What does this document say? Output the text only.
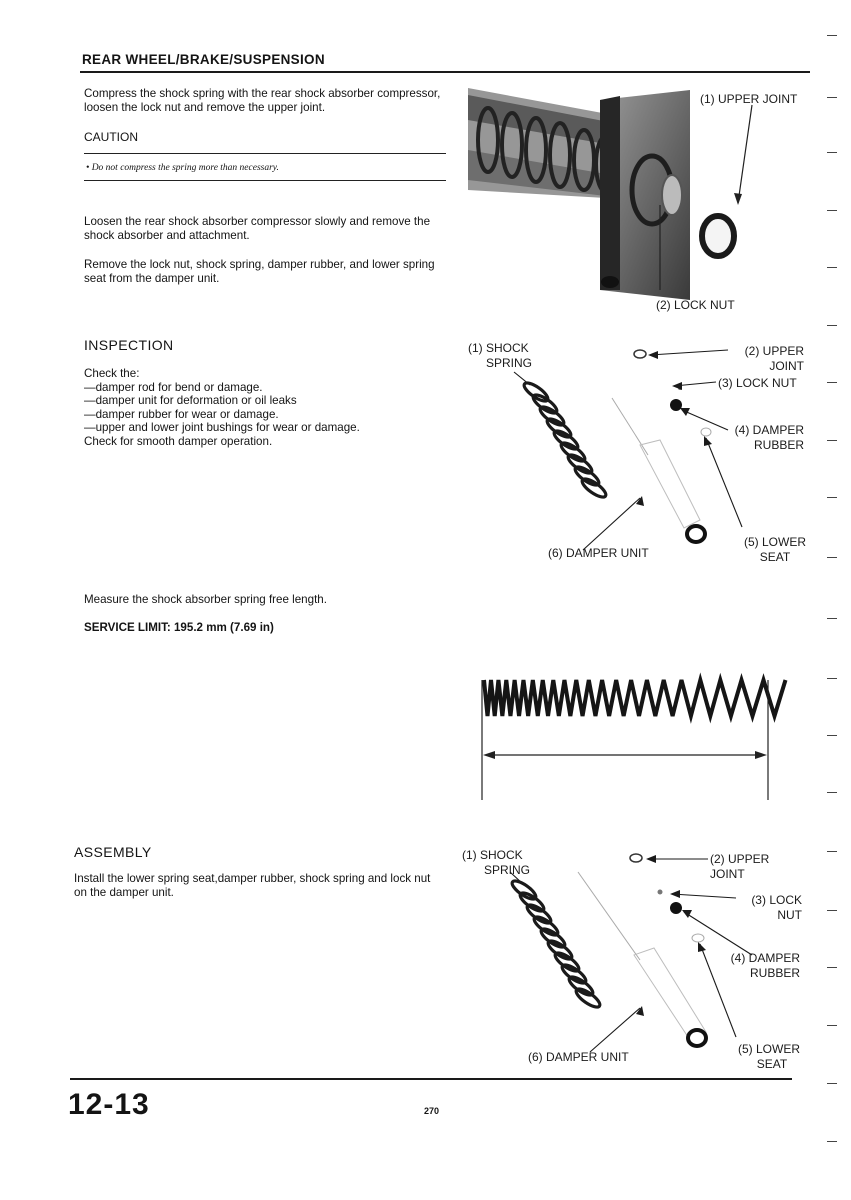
REAR WHEEL/BRAKE/SUSPENSION
Compress the shock spring with the rear shock absorber compressor, loosen the lock nut and remove the upper joint.
CAUTION
• Do not compress the spring more than necessary.
Loosen the rear shock absorber compressor slowly and remove the shock absorber and attachment.
Remove the lock nut, shock spring, damper rubber, and lower spring seat from the damper unit.
(1) UPPER JOINT
(2) LOCK NUT
INSPECTION
Check the:
—damper rod for bend or damage.
—damper unit for deformation or oil leaks
—damper rubber for wear or damage.
—upper and lower joint bushings for wear or damage.
Check for smooth damper operation.
(1) SHOCK
SPRING
(2) UPPER
JOINT
(3) LOCK NUT
(4) DAMPER
RUBBER
(5) LOWER
SEAT
(6) DAMPER UNIT
Measure the shock absorber spring free length.
SERVICE LIMIT: 195.2 mm (7.69 in)
ASSEMBLY
Install the lower spring seat,damper rubber, shock spring and lock nut on the damper unit.
(1) SHOCK
SPRING
(2) UPPER
JOINT
(3) LOCK
NUT
(4) DAMPER
RUBBER
(5) LOWER
SEAT
(6) DAMPER UNIT
12-13	270
